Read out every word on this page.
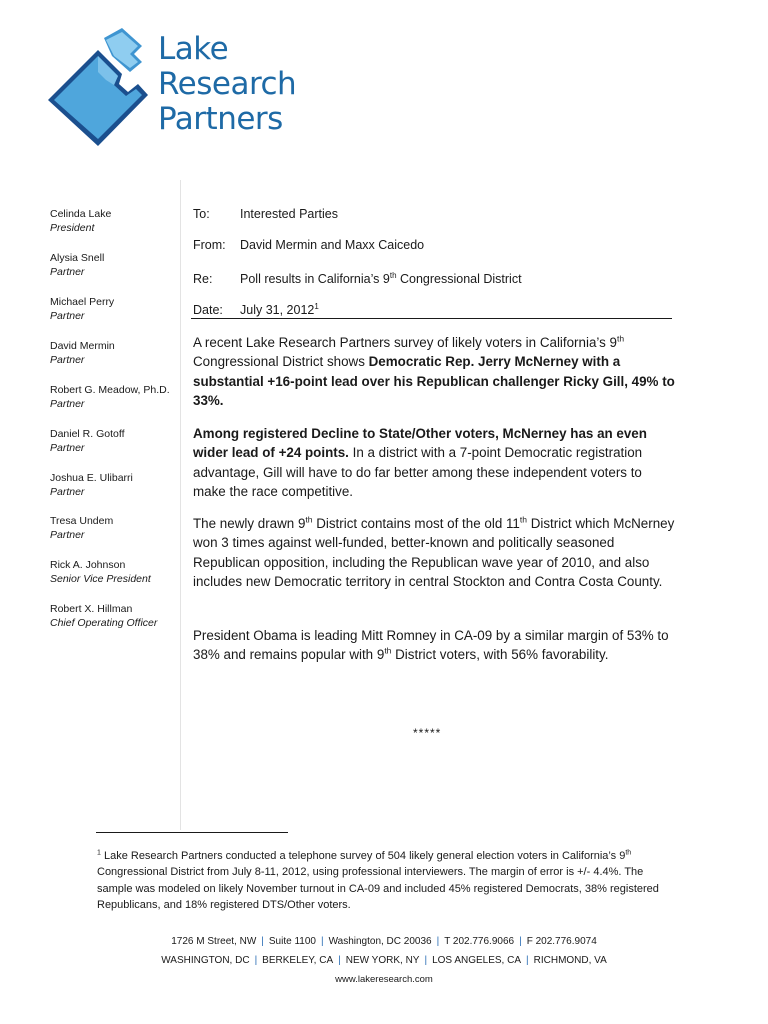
Lake
Research
Partners
Celinda Lake
President
Alysia Snell
Partner
Michael Perry
Partner
David Mermin
Partner
Robert G. Meadow, Ph.D.
Partner
Daniel R. Gotoff
Partner
Joshua E. Ulibarri
Partner
Tresa Undem
Partner
Rick A. Johnson
Senior Vice President
Robert X. Hillman
Chief Operating Officer
To: Interested Parties
From: David Mermin and Maxx Caicedo
Re: Poll results in California’s 9th Congressional District
Date: July 31, 2012$^1$

A recent Lake Research Partners survey of likely voters in California’s 9th Congressional District shows Democratic Rep. Jerry McNerney with a substantial +16-point lead over his Republican challenger Ricky Gill, 49% to 33%.

Among registered Decline to State/Other voters, McNerney has an even wider lead of +24 points. In a district with a 7-point Democratic registration advantage, Gill will have to do far better among these independent voters to make the race competitive.

The newly drawn 9th District contains most of the old 11th District which McNerney won 3 times against well-funded, better-known and politically seasoned Republican opposition, including the Republican wave year of 2010, and also includes new Democratic territory in central Stockton and Contra Costa County.

President Obama is leading Mitt Romney in CA-09 by a similar margin of 53% to 38% and remains popular with 9th District voters, with 56% favorability.

*****
$^1$ Lake Research Partners conducted a telephone survey of 504 likely general election voters in California’s 9th Congressional District from July 8-11, 2012, using professional interviewers. The margin of error is +/- 4.4%. The sample was modeled on likely November turnout in CA-09 and included 45% registered Democrats, 38% registered Republicans, and 18% registered DTS/Other voters.
1726 M Street, NW | Suite 1100 | Washington, DC 20036 | T 202.776.9066 | F 202.776.9074
WASHINGTON, DC | BERKELEY, CA | NEW YORK, NY | LOS ANGELES, CA | RICHMOND, VA
www.lakeresearch.com
